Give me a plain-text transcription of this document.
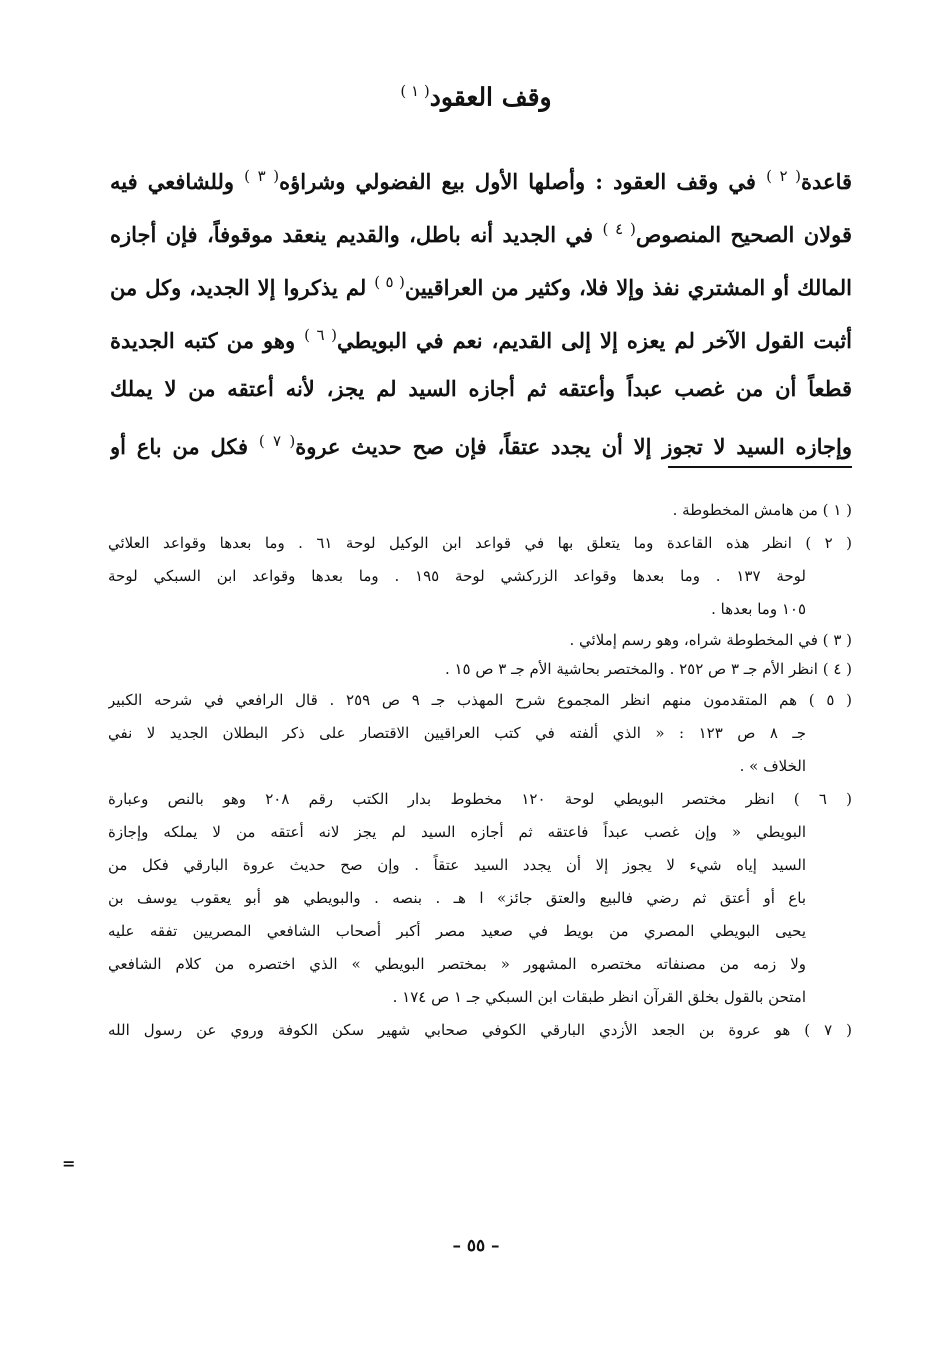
وقف العقود$^{( ١ )}$
قاعدة$^{( ٢ )}$ في وقف العقود : وأصلها الأول بيع الفضولي وشراؤه$^{( ٣ )}$ وللشافعي فيه
قولان الصحيح المنصوص$^{( ٤ )}$ في الجديد أنه باطل، والقديم ينعقد موقوفاً، فإن أجازه
المالك أو المشتري نفذ وإلا فلا، وكثير من العراقيين$^{( ٥ )}$ لم يذكروا إلا الجديد، وكل من
أثبت القول الآخر لم يعزه إلا إلى القديم، نعم في البويطي$^{( ٦ )}$ وهو من كتبه الجديدة
قطعاً أن من غصب عبداً وأعتقه ثم أجازه السيد لم يجز، لأنه أعتقه من لا يملك
وإجازه السيد لا تجوز إلا أن يجدد عتقاً، فإن صح حديث عروة$^{( ٧ )}$ فكل من باع أو
( ١ ) من هامش المخطوطة .
( ٢ ) انظر هذه القاعدة وما يتعلق بها في قواعد ابن الوكيل لوحة ٦١ . وما بعدها وقواعد العلائي
لوحة ١٣٧ . وما بعدها وقواعد الزركشي لوحة ١٩٥ . وما بعدها وقواعد ابن السبكي لوحة
١٠٥ وما بعدها .
( ٣ ) في المخطوطة شراه، وهو رسم إملائي .
( ٤ ) انظر الأم جـ ٣ ص ٢٥٢ . والمختصر بحاشية الأم جـ ٣ ص ١٥ .
( ٥ ) هم المتقدمون منهم انظر المجموع شرح المهذب جـ ٩ ص ٢٥٩ . قال الرافعي في شرحه الكبير
جـ ٨ ص ١٢٣ : « الذي ألفته في كتب العراقيين الاقتصار على ذكر البطلان الجديد لا نفي
الخلاف » .
( ٦ ) انظر مختصر البويطي لوحة ١٢٠ مخطوط بدار الكتب رقم ٢٠٨ وهو بالنص وعبارة
البويطي « وإن غصب عبداً فاعتقه ثم أجازه السيد لم يجز لانه أعتقه من لا يملكه وإجازة
السيد إياه شيء لا يجوز إلا أن يجدد السيد عتقاً . وإن صح حديث عروة البارقي فكل من
باع أو أعتق ثم رضي فالبيع والعتق جائز» ا هـ . بنصه . والبويطي هو أبو يعقوب يوسف بن
يحيى البويطي المصري من بويط في صعيد مصر أكبر أصحاب الشافعي المصريين تفقه عليه
ولا زمه من مصنفاته مختصره المشهور « بمختصر البويطي » الذي اختصره من كلام الشافعي
امتحن بالقول بخلق القرآن انظر طبقات ابن السبكي جـ ١ ص ١٧٤ .
( ٧ ) هو عروة بن الجعد الأزدي البارقي الكوفي صحابي شهير سكن الكوفة وروي عن رسول الله
=
– ٥٥ –
